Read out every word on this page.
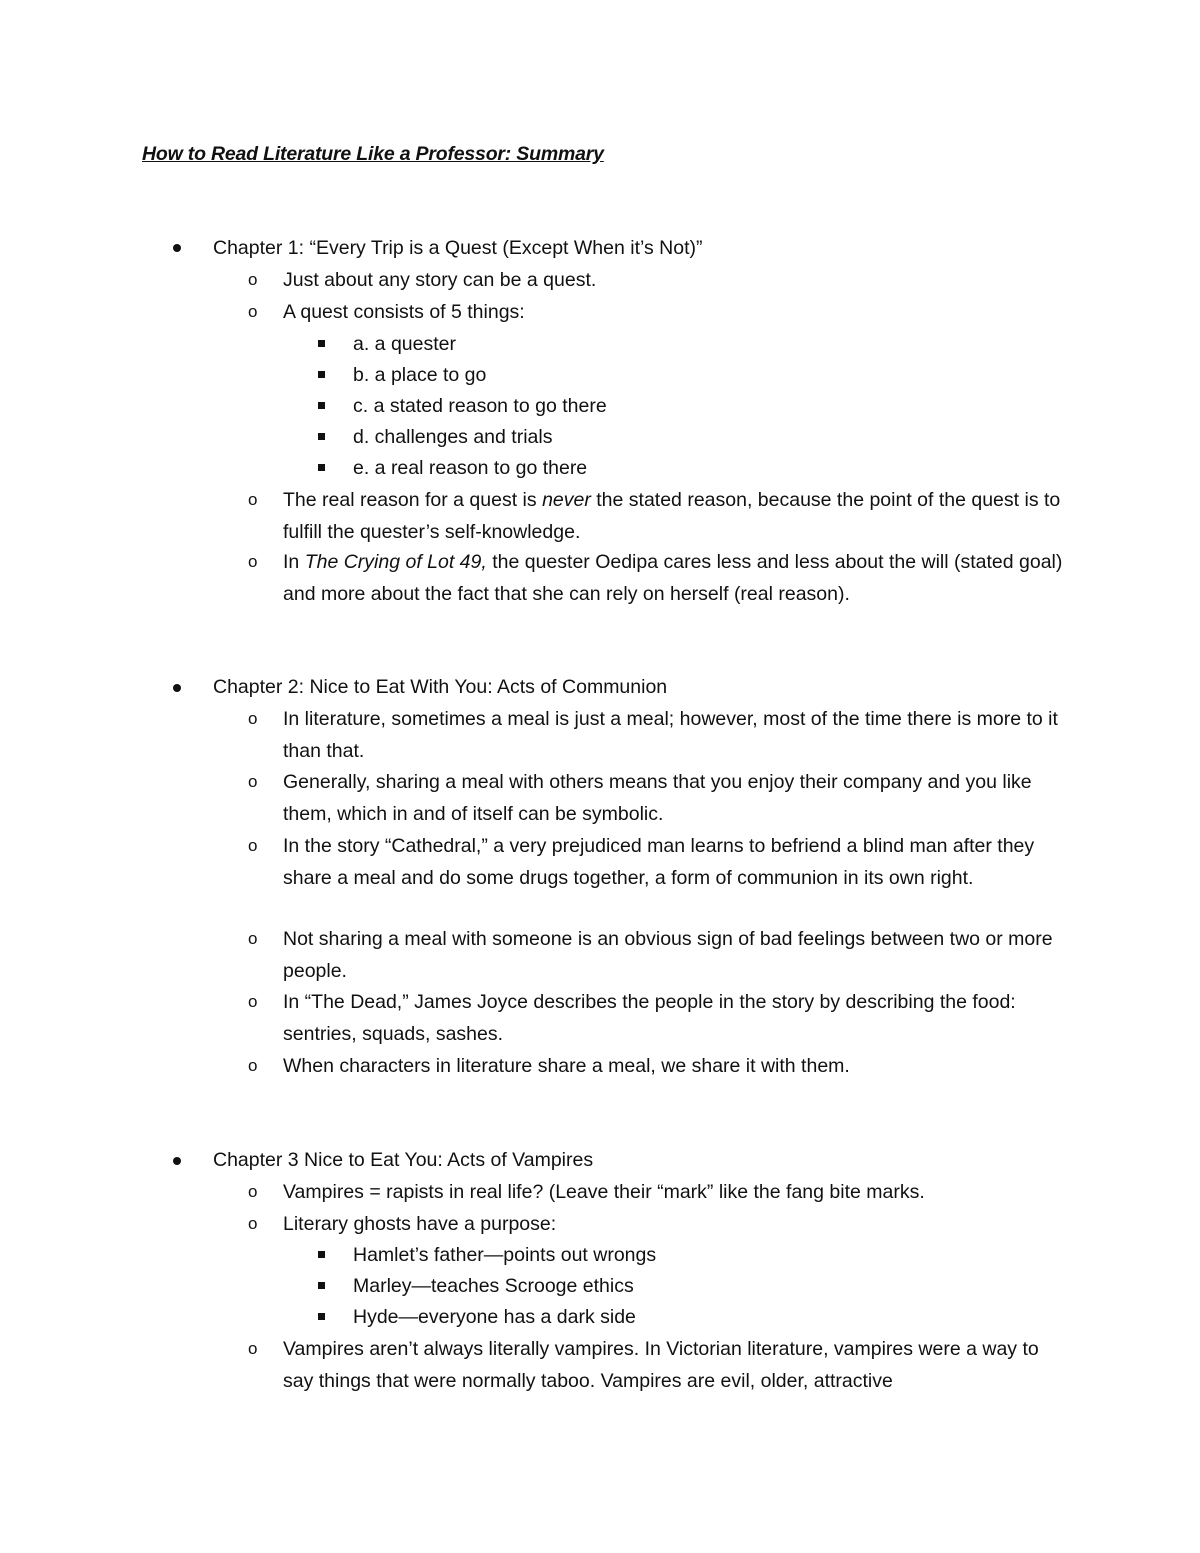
How to Read Literature Like a Professor: Summary
Chapter 1: “Every Trip is a Quest (Except When it’s Not)”
o Just about any story can be a quest.
o A quest consists of 5 things:
a. a quester
b. a place to go
c. a stated reason to go there
d. challenges and trials
e. a real reason to go there
o The real reason for a quest is never the stated reason, because the point of the quest is to fulfill the quester’s self-knowledge.
o In The Crying of Lot 49, the quester Oedipa cares less and less about the will (stated goal) and more about the fact that she can rely on herself (real reason).
Chapter 2: Nice to Eat With You: Acts of Communion
o In literature, sometimes a meal is just a meal; however, most of the time there is more to it than that.
o Generally, sharing a meal with others means that you enjoy their company and you like them, which in and of itself can be symbolic.
o In the story “Cathedral,” a very prejudiced man learns to befriend a blind man after they share a meal and do some drugs together, a form of communion in its own right.
o Not sharing a meal with someone is an obvious sign of bad feelings between two or more people.
o In “The Dead,” James Joyce describes the people in the story by describing the food: sentries, squads, sashes.
o When characters in literature share a meal, we share it with them.
Chapter 3 Nice to Eat You: Acts of Vampires
o Vampires = rapists in real life? (Leave their “mark” like the fang bite marks.
o Literary ghosts have a purpose:
Hamlet’s father—points out wrongs
Marley—teaches Scrooge ethics
Hyde—everyone has a dark side
o Vampires aren’t always literally vampires. In Victorian literature, vampires were a way to say things that were normally taboo. Vampires are evil, older, attractive
